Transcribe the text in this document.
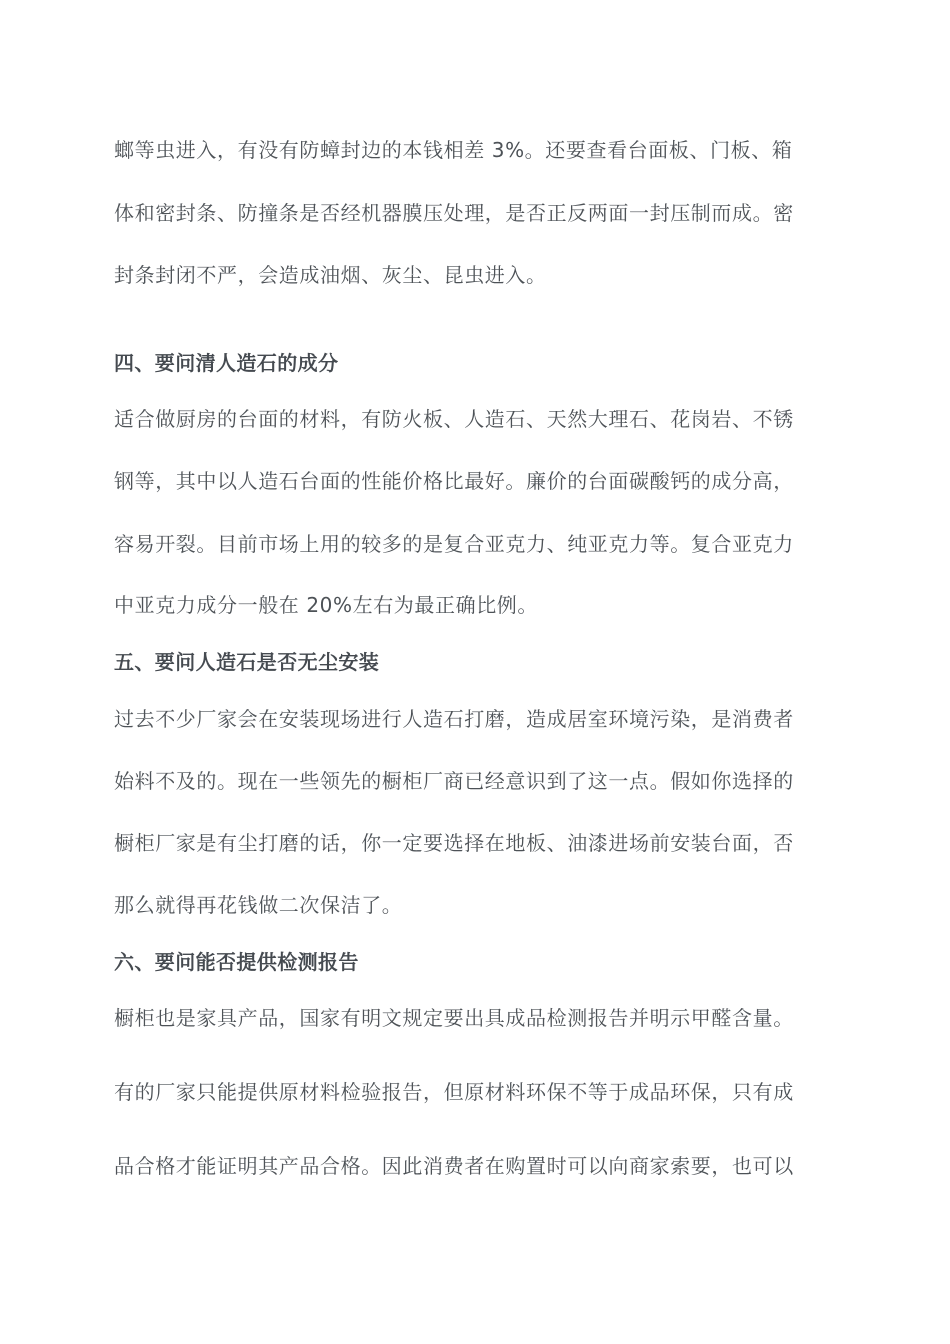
螂等虫进入，有没有防蟑封边的本钱相差 3%。还要查看台面板、门板、箱
体和密封条、防撞条是否经机器膜压处理，是否正反两面一封压制而成。密
封条封闭不严，会造成油烟、灰尘、昆虫进入。
四、要问清人造石的成分
适合做厨房的台面的材料，有防火板、人造石、天然大理石、花岗岩、不锈
钢等，其中以人造石台面的性能价格比最好。廉价的台面碳酸钙的成分高，
容易开裂。目前市场上用的较多的是复合亚克力、纯亚克力等。复合亚克力
中亚克力成分一般在 20%左右为最正确比例。
五、要问人造石是否无尘安装
过去不少厂家会在安装现场进行人造石打磨，造成居室环境污染，是消费者
始料不及的。现在一些领先的橱柜厂商已经意识到了这一点。假如你选择的
橱柜厂家是有尘打磨的话，你一定要选择在地板、油漆进场前安装台面，否
那么就得再花钱做二次保洁了。
六、要问能否提供检测报告
橱柜也是家具产品，国家有明文规定要出具成品检测报告并明示甲醛含量。
有的厂家只能提供原材料检验报告，但原材料环保不等于成品环保，只有成
品合格才能证明其产品合格。因此消费者在购置时可以向商家索要，也可以
